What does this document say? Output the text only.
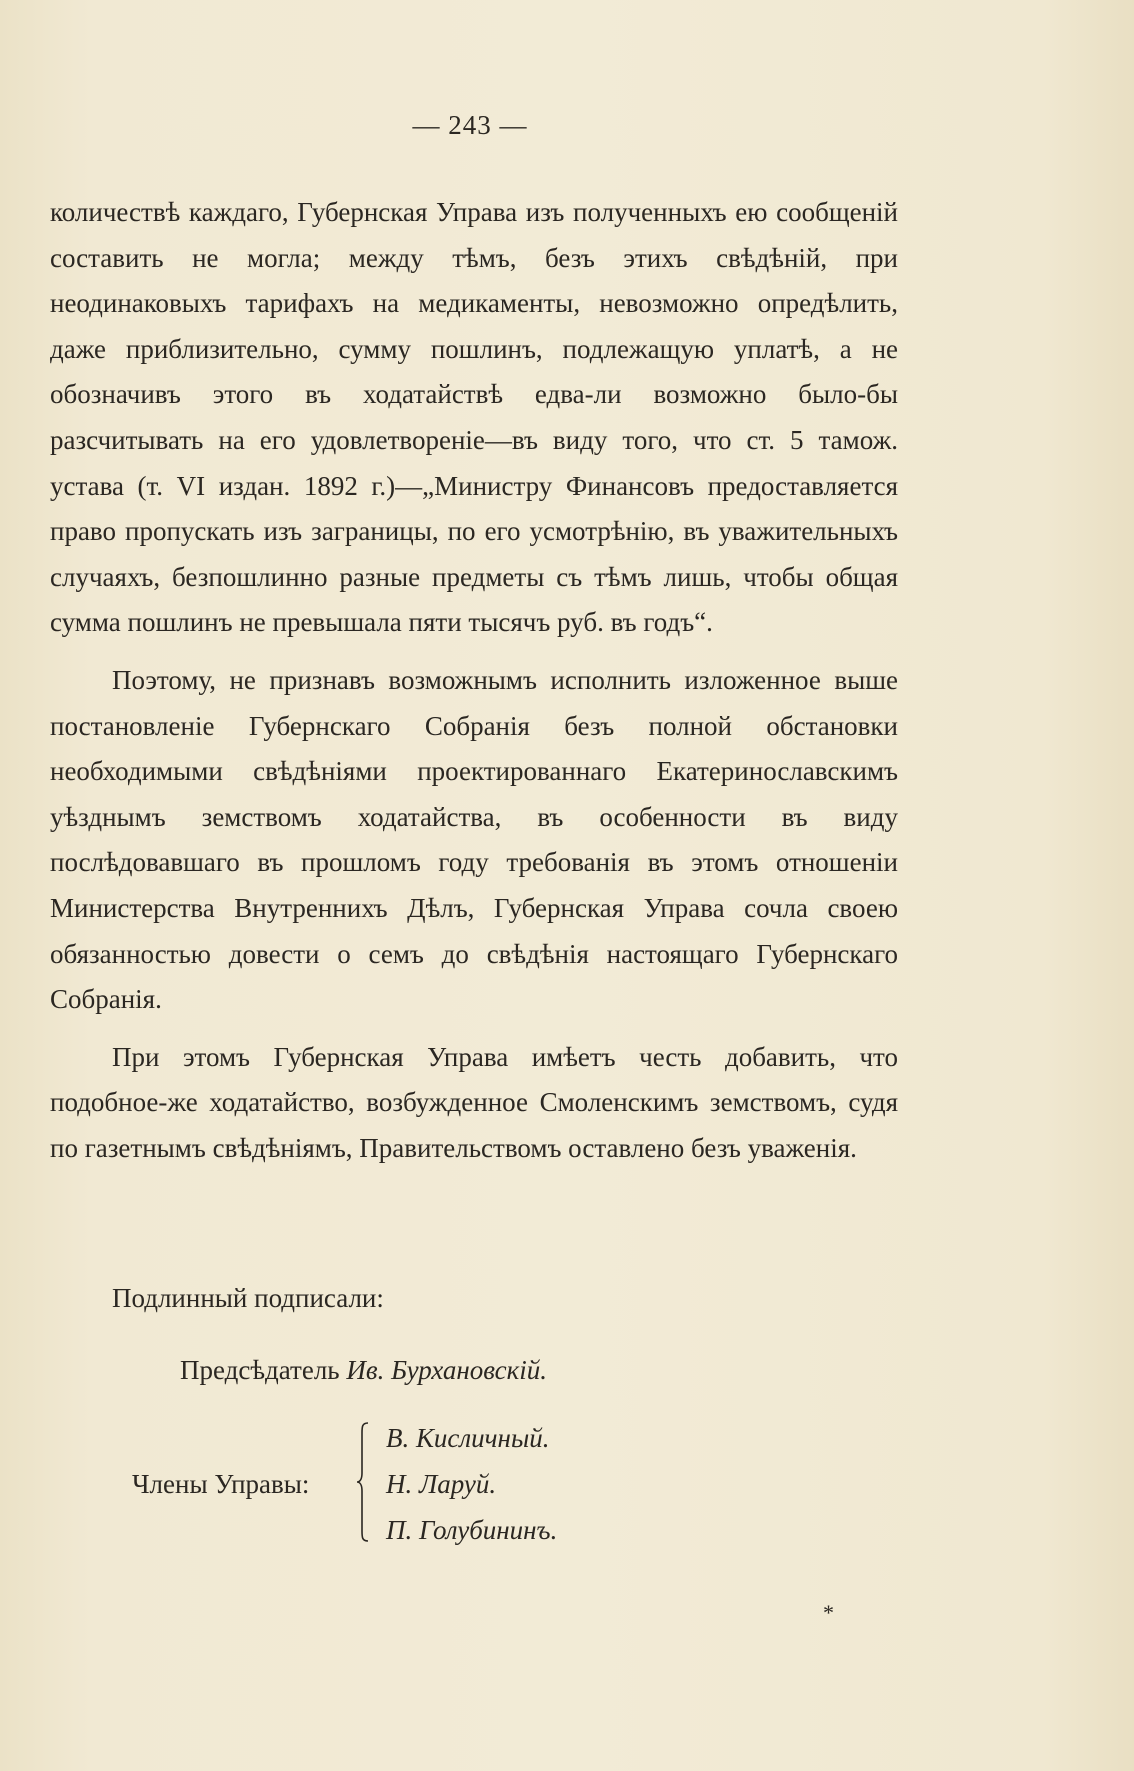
— 243 —

количествѣ каждаго, Губернская Управа изъ полученныхъ ею сообщенiй составить не могла; между тѣмъ, безъ этихъ свѣдѣнiй, при неодинаковыхъ тарифахъ на медикаменты, невозможно опредѣлить, даже приблизительно, сумму пошлинъ, подлежащую уплатѣ, а не обозначивъ этого въ ходатайствѣ едва-ли возможно было-бы разсчитывать на его удовлетворенiе—въ виду того, что ст. 5 тамож. устава (т. VI издан. 1892 г.)—„Министру Финансовъ предоставляется право пропускать изъ заграницы, по его усмотрѣнiю, въ уважительныхъ случаяхъ, безпошлинно разные предметы съ тѣмъ лишь, чтобы общая сумма пошлинъ не превышала пяти тысячъ руб. въ годъ“.

Поэтому, не признавъ возможнымъ исполнить изложенное выше постановленiе Губернскаго Собранiя безъ полной обстановки необходимыми свѣдѣнiями проектированнаго Екатеринославскимъ уѣзднымъ земствомъ ходатайства, въ особенности въ виду послѣдовавшаго въ прошломъ году требованiя въ этомъ отношенiи Министерства Внутреннихъ Дѣлъ, Губернская Управа сочла своею обязанностью довести о семъ до свѣдѣнiя настоящаго Губернскаго Собранiя.

При этомъ Губернская Управа имѣетъ честь добавить, что подобное-же ходатайство, возбужденное Смоленскимъ земствомъ, судя по газетнымъ свѣдѣнiямъ, Правительствомъ оставлено безъ уваженiя.

Подлинный подписали:
Предсѣдатель Ив. Бурхановскiй.
Члены Управы:
В. Кисличный.
Н. Ларуй.
П. Голубининъ.
*
